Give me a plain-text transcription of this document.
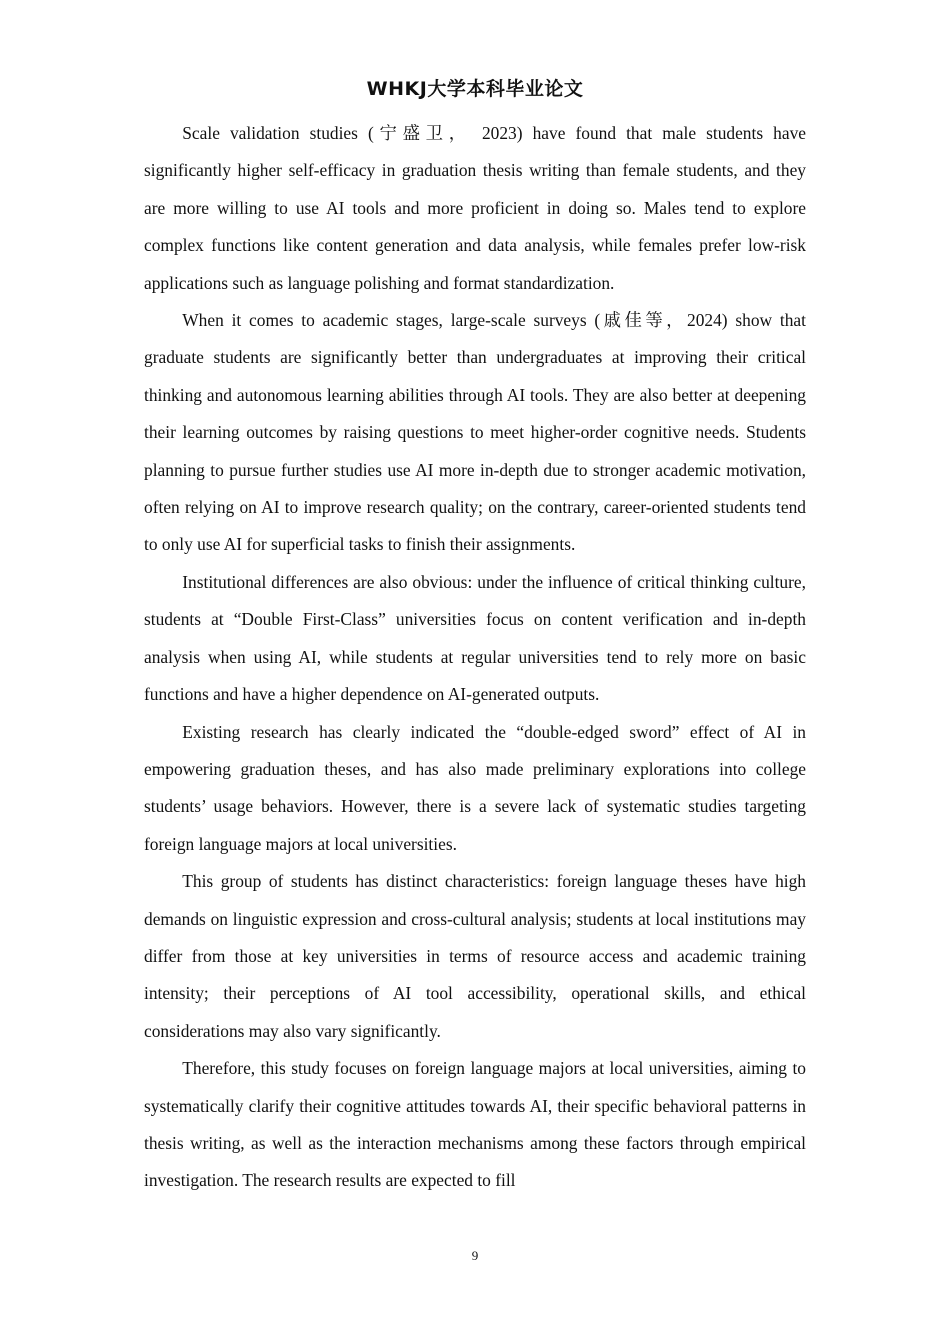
WHKJ大学本科毕业论文

Scale validation studies (宁盛卫， 2023) have found that male students have significantly higher self-efficacy in graduation thesis writing than female students, and they are more willing to use AI tools and more proficient in doing so. Males tend to explore complex functions like content generation and data analysis, while females prefer low-risk applications such as language polishing and format standardization.

When it comes to academic stages, large-scale surveys (戚佳等，2024) show that graduate students are significantly better than undergraduates at improving their critical thinking and autonomous learning abilities through AI tools. They are also better at deepening their learning outcomes by raising questions to meet higher-order cognitive needs. Students planning to pursue further studies use AI more in-depth due to stronger academic motivation, often relying on AI to improve research quality; on the contrary, career-oriented students tend to only use AI for superficial tasks to finish their assignments.

Institutional differences are also obvious: under the influence of critical thinking culture, students at “Double First-Class” universities focus on content verification and in-depth analysis when using AI, while students at regular universities tend to rely more on basic functions and have a higher dependence on AI-generated outputs.

Existing research has clearly indicated the “double-edged sword” effect of AI in empowering graduation theses, and has also made preliminary explorations into college students’ usage behaviors. However, there is a severe lack of systematic studies targeting foreign language majors at local universities.

This group of students has distinct characteristics: foreign language theses have high demands on linguistic expression and cross-cultural analysis; students at local institutions may differ from those at key universities in terms of resource access and academic training intensity; their perceptions of AI tool accessibility, operational skills, and ethical considerations may also vary significantly.

Therefore, this study focuses on foreign language majors at local universities, aiming to systematically clarify their cognitive attitudes towards AI, their specific behavioral patterns in thesis writing, as well as the interaction mechanisms among these factors through empirical investigation. The research results are expected to fill

9
